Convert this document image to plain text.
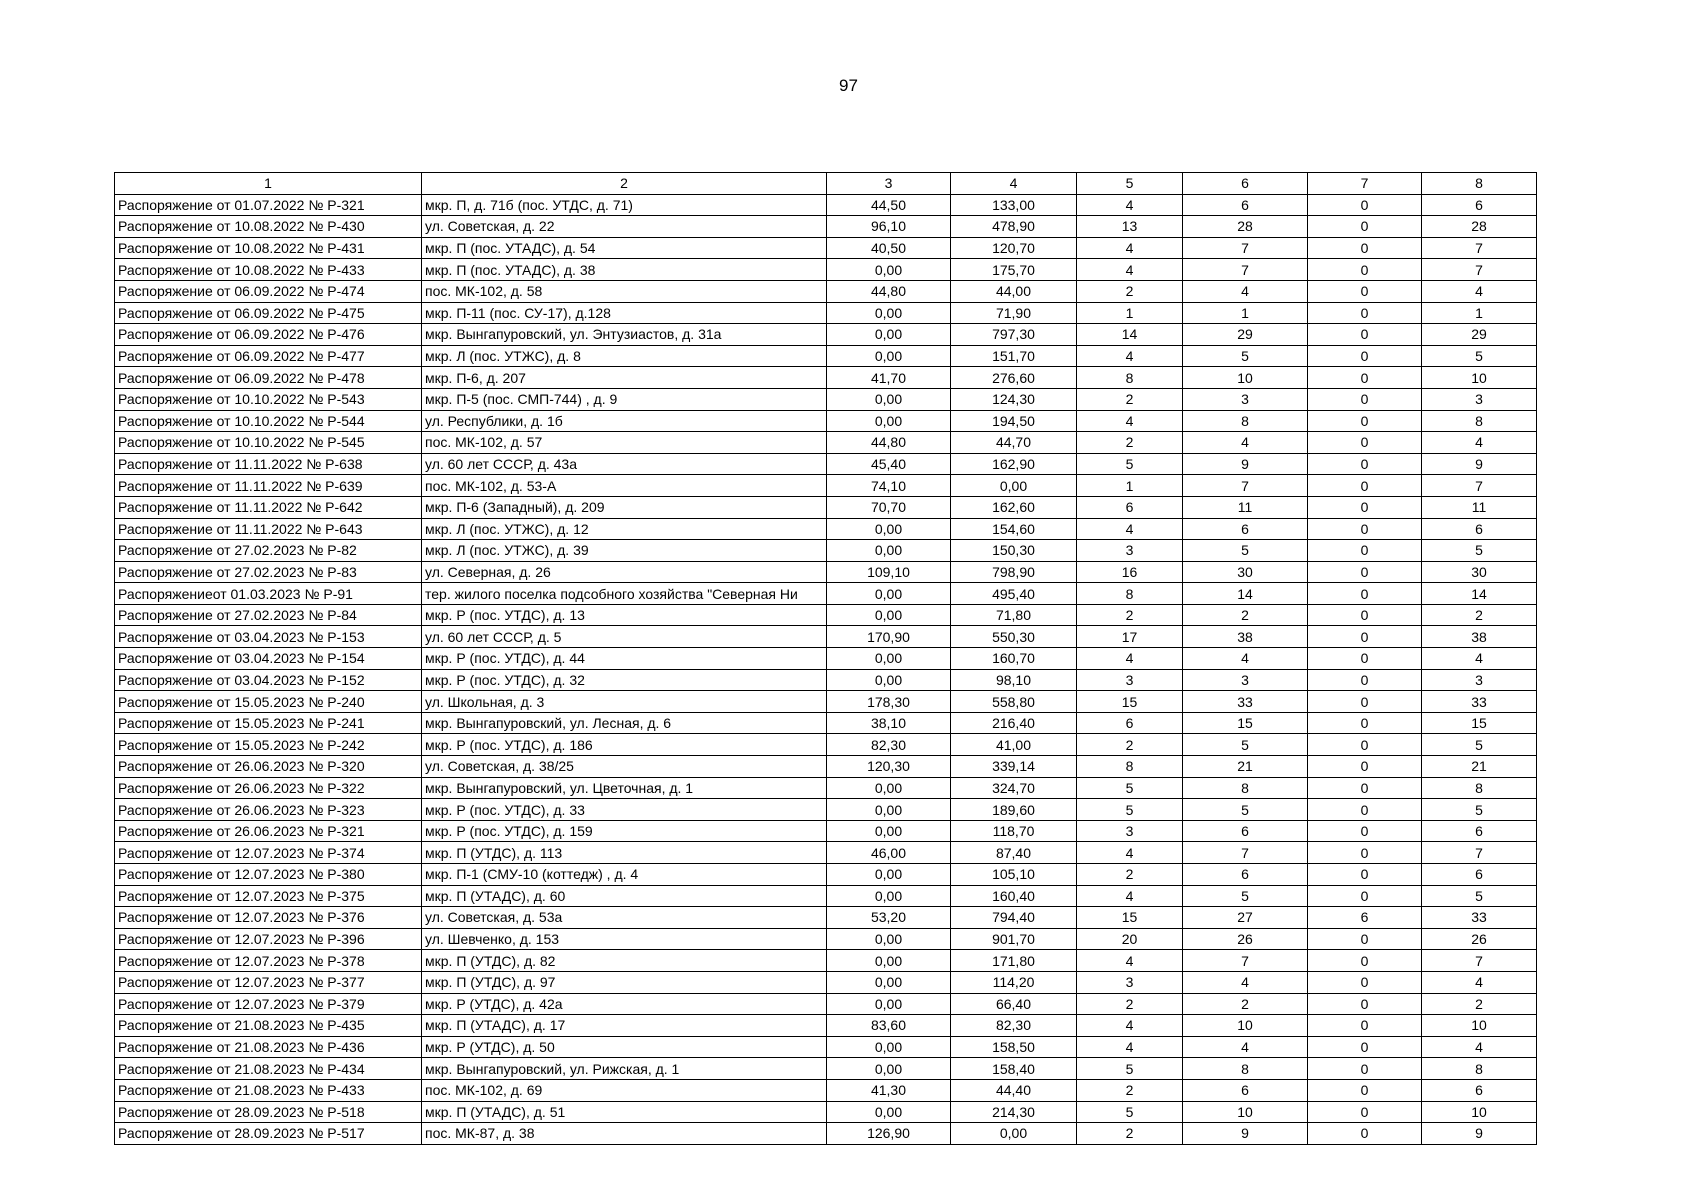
97
1	2	3	4	5	6	7	8
Распоряжение от 01.07.2022 № Р-321	мкр. П, д. 71б (пос. УТДС, д. 71)	44,50	133,00	4	6	0	6
Распоряжение от 10.08.2022 № Р-430	ул. Советская, д. 22	96,10	478,90	13	28	0	28
Распоряжение от 10.08.2022 № Р-431	мкр. П (пос. УТАДС), д. 54	40,50	120,70	4	7	0	7
Распоряжение от 10.08.2022 № Р-433	мкр. П (пос. УТАДС), д. 38	0,00	175,70	4	7	0	7
Распоряжение от 06.09.2022 № Р-474	пос. МК-102, д. 58	44,80	44,00	2	4	0	4
Распоряжение от 06.09.2022 № Р-475	мкр. П-11 (пос. СУ-17), д.128	0,00	71,90	1	1	0	1
Распоряжение от 06.09.2022 № Р-476	мкр. Вынгапуровский, ул. Энтузиастов, д. 31а	0,00	797,30	14	29	0	29
Распоряжение от 06.09.2022 № Р-477	мкр. Л (пос. УТЖС), д. 8	0,00	151,70	4	5	0	5
Распоряжение от 06.09.2022 № Р-478	мкр. П-6, д. 207	41,70	276,60	8	10	0	10
Распоряжение от 10.10.2022 № Р-543	мкр. П-5 (пос. СМП-744) , д. 9	0,00	124,30	2	3	0	3
Распоряжение от 10.10.2022 № Р-544	ул. Республики, д. 1б	0,00	194,50	4	8	0	8
Распоряжение от 10.10.2022 № Р-545	пос. МК-102, д. 57	44,80	44,70	2	4	0	4
Распоряжение от 11.11.2022 № Р-638	ул. 60 лет СССР, д. 43а	45,40	162,90	5	9	0	9
Распоряжение от 11.11.2022 № Р-639	пос. МК-102, д. 53-А	74,10	0,00	1	7	0	7
Распоряжение от 11.11.2022 № Р-642	мкр. П-6 (Западный), д. 209	70,70	162,60	6	11	0	11
Распоряжение от 11.11.2022 № Р-643	мкр. Л (пос. УТЖС), д. 12	0,00	154,60	4	6	0	6
Распоряжение от 27.02.2023 № Р-82	мкр. Л (пос. УТЖС), д. 39	0,00	150,30	3	5	0	5
Распоряжение от 27.02.2023 № Р-83	ул. Северная, д. 26	109,10	798,90	16	30	0	30
Распоряжениеот 01.03.2023 № Р-91	тер. жилого поселка подсобного хозяйства "Северная Ни	0,00	495,40	8	14	0	14
Распоряжение от 27.02.2023 № Р-84	мкр. Р (пос. УТДС), д. 13	0,00	71,80	2	2	0	2
Распоряжение от 03.04.2023 № Р-153	ул. 60 лет СССР, д. 5	170,90	550,30	17	38	0	38
Распоряжение от 03.04.2023 № Р-154	мкр. Р (пос. УТДС), д. 44	0,00	160,70	4	4	0	4
Распоряжение от 03.04.2023 № Р-152	мкр. Р (пос. УТДС), д. 32	0,00	98,10	3	3	0	3
Распоряжение от 15.05.2023 № Р-240	ул. Школьная, д. 3	178,30	558,80	15	33	0	33
Распоряжение от 15.05.2023 № Р-241	мкр. Вынгапуровский, ул. Лесная, д. 6	38,10	216,40	6	15	0	15
Распоряжение от 15.05.2023 № Р-242	мкр. Р (пос. УТДС), д. 186	82,30	41,00	2	5	0	5
Распоряжение от 26.06.2023 № Р-320	ул. Советская, д. 38/25	120,30	339,14	8	21	0	21
Распоряжение от 26.06.2023 № Р-322	мкр. Вынгапуровский, ул. Цветочная, д. 1	0,00	324,70	5	8	0	8
Распоряжение от 26.06.2023 № Р-323	мкр. Р (пос. УТДС), д. 33	0,00	189,60	5	5	0	5
Распоряжение от 26.06.2023 № Р-321	мкр. Р (пос. УТДС), д. 159	0,00	118,70	3	6	0	6
Распоряжение от 12.07.2023 № Р-374	мкр. П (УТДС), д. 113	46,00	87,40	4	7	0	7
Распоряжение от 12.07.2023 № Р-380	мкр. П-1 (СМУ-10 (коттедж) , д. 4	0,00	105,10	2	6	0	6
Распоряжение от 12.07.2023 № Р-375	мкр. П (УТАДС), д. 60	0,00	160,40	4	5	0	5
Распоряжение от 12.07.2023 № Р-376	ул. Советская, д. 53а	53,20	794,40	15	27	6	33
Распоряжение от 12.07.2023 № Р-396	ул. Шевченко, д. 153	0,00	901,70	20	26	0	26
Распоряжение от 12.07.2023 № Р-378	мкр. П (УТДС), д. 82	0,00	171,80	4	7	0	7
Распоряжение от 12.07.2023 № Р-377	мкр. П (УТДС), д. 97	0,00	114,20	3	4	0	4
Распоряжение от 12.07.2023 № Р-379	мкр. Р (УТДС), д. 42а	0,00	66,40	2	2	0	2
Распоряжение от 21.08.2023 № Р-435	мкр. П (УТАДС), д. 17	83,60	82,30	4	10	0	10
Распоряжение от 21.08.2023 № Р-436	мкр. Р (УТДС), д. 50	0,00	158,50	4	4	0	4
Распоряжение от 21.08.2023 № Р-434	мкр. Вынгапуровский, ул. Рижская, д. 1	0,00	158,40	5	8	0	8
Распоряжение от 21.08.2023 № Р-433	пос. МК-102, д. 69	41,30	44,40	2	6	0	6
Распоряжение от 28.09.2023 № Р-518	мкр. П (УТАДС), д. 51	0,00	214,30	5	10	0	10
Распоряжение от 28.09.2023 № Р-517	пос. МК-87, д. 38	126,90	0,00	2	9	0	9
